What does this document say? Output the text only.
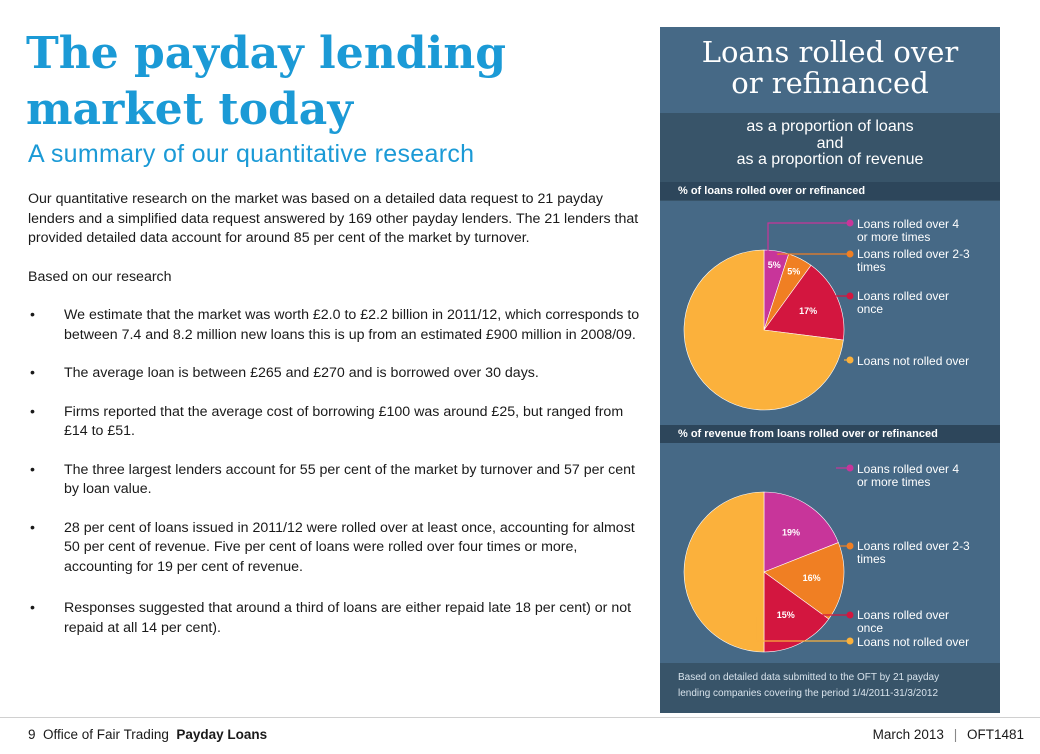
The payday lending market today
A summary of our quantitative research

Our quantitative research on the market was based on a detailed data request to 21 payday lenders and a simplified data request answered by 169 other payday lenders. The 21 lenders that provided detailed data account for around 85 per cent of the market by turnover.

Based on our research

• We estimate that the market was worth £2.0 to £2.2 billion in 2011/12, which corresponds to between 7.4 and 8.2 million new loans this is up from an estimated £900 million in 2008/09.
• The average loan is between £265 and £270 and is borrowed over 30 days.
• Firms reported that the average cost of borrowing £100 was around £25, but ranged from £14 to £51.
• The three largest lenders account for 55 per cent of the market by turnover and 57 per cent by loan value.
• 28 per cent of loans issued in 2011/12 were rolled over at least once, accounting for almost 50 per cent of revenue. Five per cent of loans were rolled over four times or more, accounting for 19 per cent of revenue.
• Responses suggested that around a third of loans are either repaid late 18 per cent) or not repaid at all 14 per cent).
Loans rolled over
or refinanced
as a proportion of loans
and
as a proportion of revenue
% of loans rolled over or refinanced
% of revenue from loans rolled over or refinanced
5%
5%
17%
19%
16%
15%
Loans rolled over 4
or more times
Loans rolled over 2-3
times
Loans rolled over
once
Loans not rolled over
Loans rolled over 4
or more times
Loans rolled over 2-3
times
Loans rolled over
once
Loans not rolled over
Based on detailed data submitted to the OFT by 21 payday
lending companies covering the period 1/4/2011-31/3/2012
9 Office of Fair Trading Payday Loans	March 2013 | OFT1481
